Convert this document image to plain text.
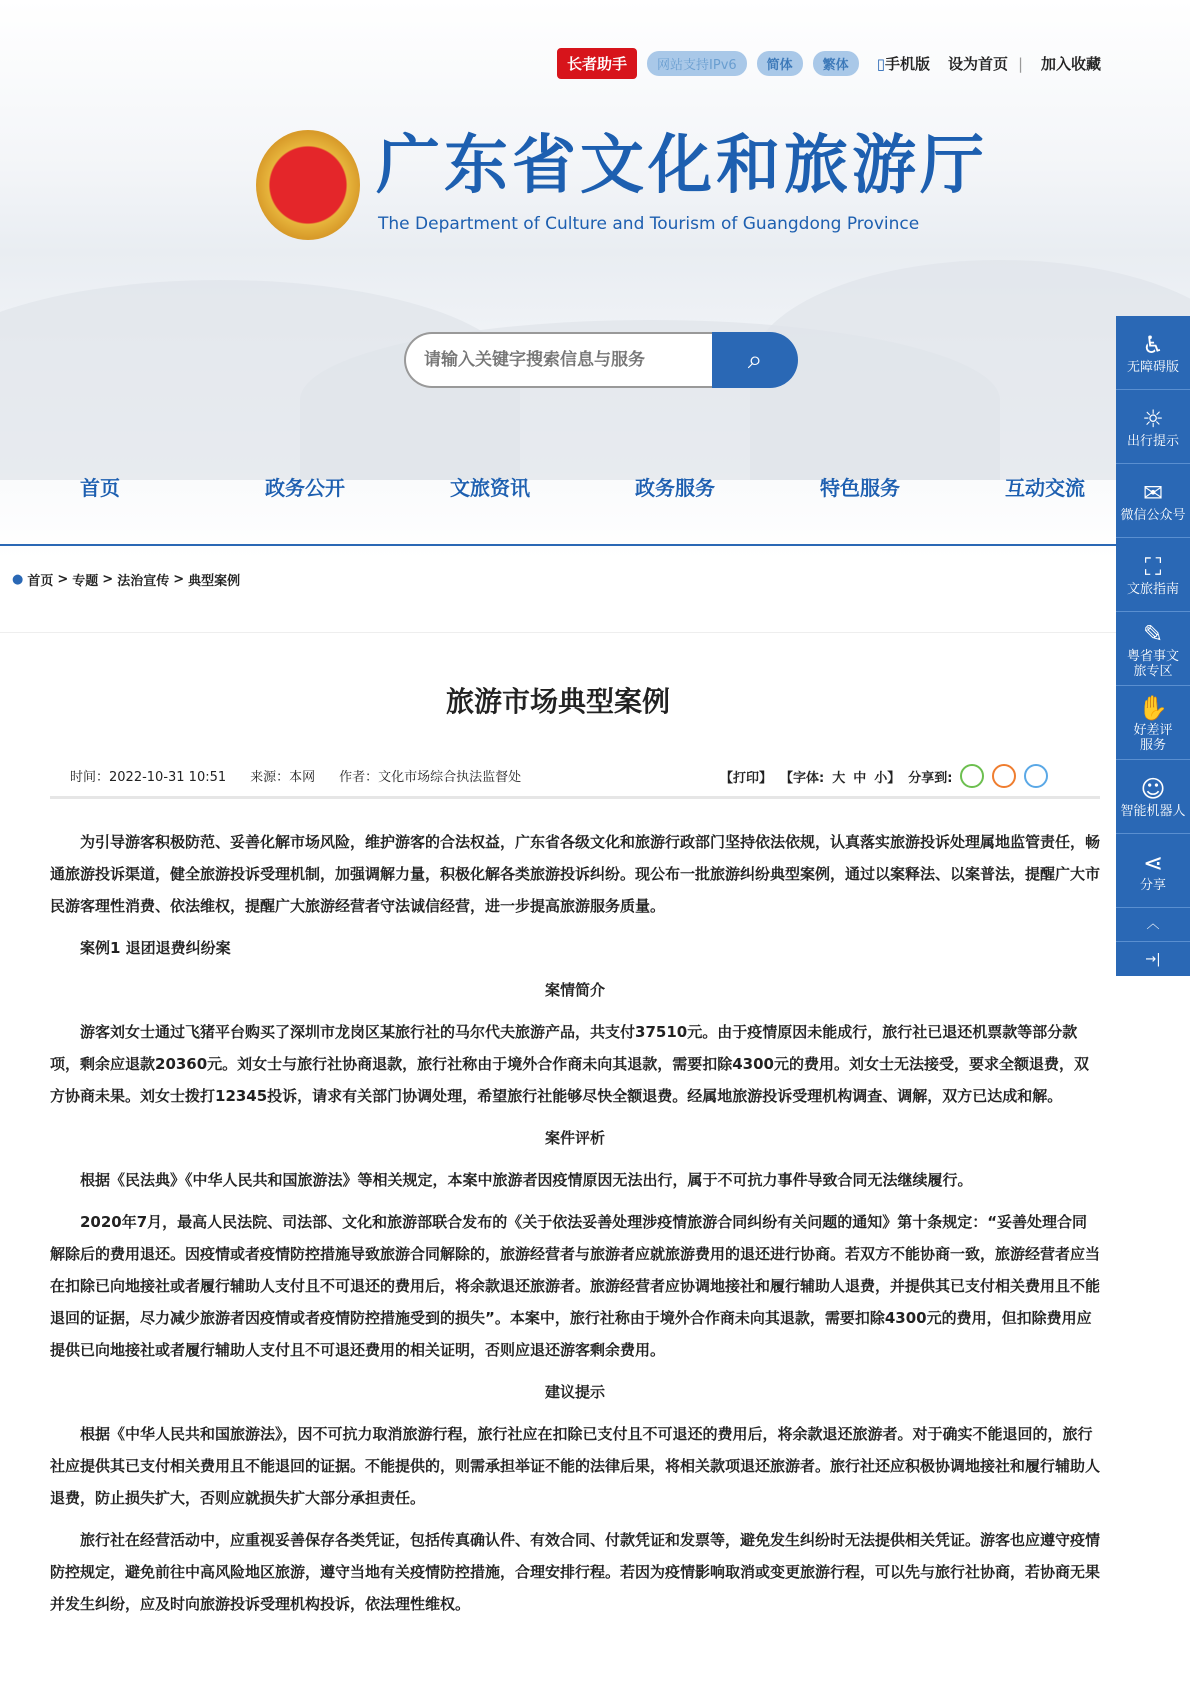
长者助手	网站支持IPv6	简体	繁体	▯手机版 设为首页 | 加入收藏
广东省文化和旅游厅
The Department of Culture and Tourism of Guangdong Province
请输入关键字搜索信息与服务
⌕
首页	政务公开	文旅资讯	政务服务	特色服务	互动交流
● 首页 > 专题 > 法治宣传 > 典型案例
旅游市场典型案例
时间：2022-10-31 10:51 来源：本网 作者：文化市场综合执法监督处	【打印】 【字体: 大 中 小】 分享到:

为引导游客积极防范、妥善化解市场风险，维护游客的合法权益，广东省各级文化和旅游行政部门坚持依法依规，认真落实旅游投诉处理属地监管责任，畅通旅游投诉渠道，健全旅游投诉受理机制，加强调解力量，积极化解各类旅游投诉纠纷。现公布一批旅游纠纷典型案例，通过以案释法、以案普法，提醒广大市民游客理性消费、依法维权，提醒广大旅游经营者守法诚信经营，进一步提高旅游服务质量。

案例1 退团退费纠纷案
案情简介

游客刘女士通过飞猪平台购买了深圳市龙岗区某旅行社的马尔代夫旅游产品，共支付37510元。由于疫情原因未能成行，旅行社已退还机票款等部分款项，剩余应退款20360元。刘女士与旅行社协商退款，旅行社称由于境外合作商未向其退款，需要扣除4300元的费用。刘女士无法接受，要求全额退费，双方协商未果。刘女士拨打12345投诉，请求有关部门协调处理，希望旅行社能够尽快全额退费。经属地旅游投诉受理机构调查、调解，双方已达成和解。

案件评析

根据《民法典》《中华人民共和国旅游法》等相关规定，本案中旅游者因疫情原因无法出行，属于不可抗力事件导致合同无法继续履行。

2020年7月，最高人民法院、司法部、文化和旅游部联合发布的《关于依法妥善处理涉疫情旅游合同纠纷有关问题的通知》第十条规定：“妥善处理合同解除后的费用退还。因疫情或者疫情防控措施导致旅游合同解除的，旅游经营者与旅游者应就旅游费用的退还进行协商。若双方不能协商一致，旅游经营者应当在扣除已向地接社或者履行辅助人支付且不可退还的费用后，将余款退还旅游者。旅游经营者应协调地接社和履行辅助人退费，并提供其已支付相关费用且不能退回的证据，尽力减少旅游者因疫情或者疫情防控措施受到的损失”。本案中，旅行社称由于境外合作商未向其退款，需要扣除4300元的费用，但扣除费用应提供已向地接社或者履行辅助人支付且不可退还费用的相关证明，否则应退还游客剩余费用。

建议提示

根据《中华人民共和国旅游法》，因不可抗力取消旅游行程，旅行社应在扣除已支付且不可退还的费用后，将余款退还旅游者。对于确实不能退回的，旅行社应提供其已支付相关费用且不能退回的证据。不能提供的，则需承担举证不能的法律后果，将相关款项退还旅游者。旅行社还应积极协调地接社和履行辅助人退费，防止损失扩大，否则应就损失扩大部分承担责任。

旅行社在经营活动中，应重视妥善保存各类凭证，包括传真确认件、有效合同、付款凭证和发票等，避免发生纠纷时无法提供相关凭证。游客也应遵守疫情防控规定，避免前往中高风险地区旅游，遵守当地有关疫情防控措施，合理安排行程。若因为疫情影响取消或变更旅游行程，可以先与旅行社协商，若协商无果并发生纠纷，应及时向旅游投诉受理机构投诉，依法理性维权。

♿
无障碍版
☼
出行提示
✉
微信公众号
⛶
文旅指南
✎
粤省事文旅专区
✋
好差评服务
☺
智能机器人
⋖
分享
︿
→|
